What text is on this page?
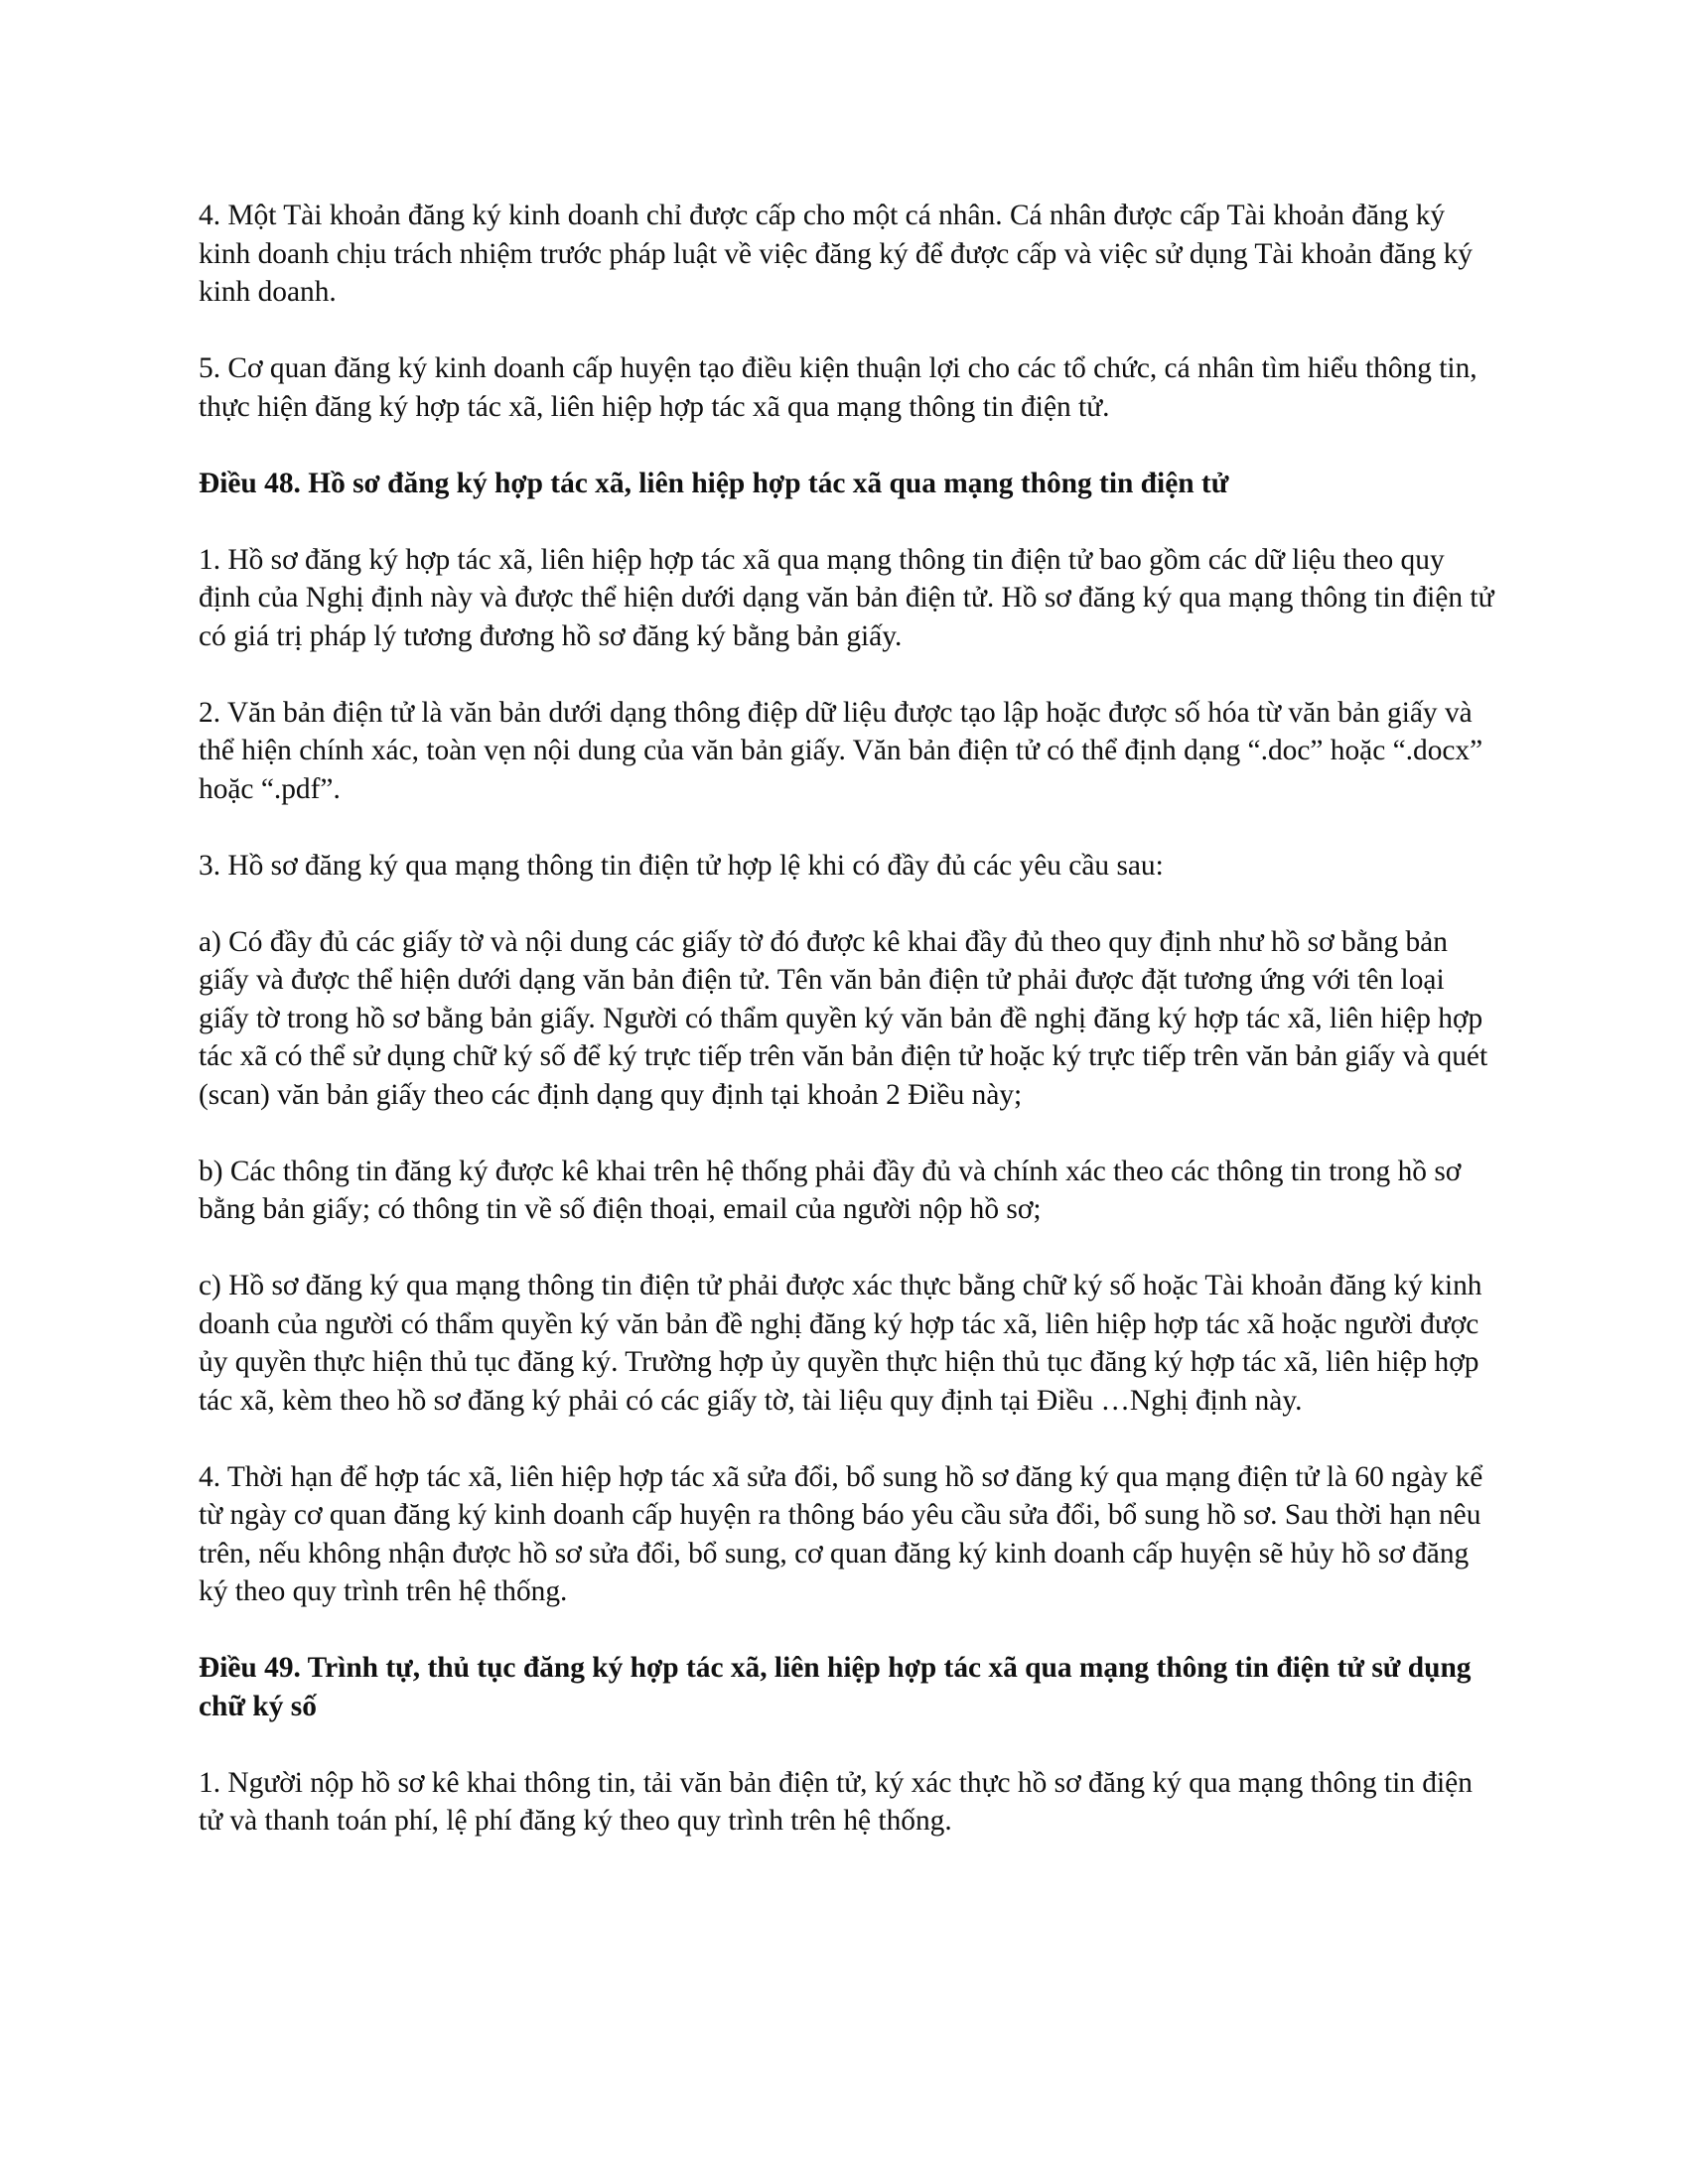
4. Một Tài khoản đăng ký kinh doanh chỉ được cấp cho một cá nhân. Cá nhân được cấp Tài khoản đăng ký kinh doanh chịu trách nhiệm trước pháp luật về việc đăng ký để được cấp và việc sử dụng Tài khoản đăng ký kinh doanh.

5. Cơ quan đăng ký kinh doanh cấp huyện tạo điều kiện thuận lợi cho các tổ chức, cá nhân tìm hiểu thông tin, thực hiện đăng ký hợp tác xã, liên hiệp hợp tác xã qua mạng thông tin điện tử.

Điều 48. Hồ sơ đăng ký hợp tác xã, liên hiệp hợp tác xã qua mạng thông tin điện tử

1. Hồ sơ đăng ký hợp tác xã, liên hiệp hợp tác xã qua mạng thông tin điện tử bao gồm các dữ liệu theo quy định của Nghị định này và được thể hiện dưới dạng văn bản điện tử. Hồ sơ đăng ký qua mạng thông tin điện tử có giá trị pháp lý tương đương hồ sơ đăng ký bằng bản giấy.

2. Văn bản điện tử là văn bản dưới dạng thông điệp dữ liệu được tạo lập hoặc được số hóa từ văn bản giấy và thể hiện chính xác, toàn vẹn nội dung của văn bản giấy. Văn bản điện tử có thể định dạng “.doc” hoặc “.docx” hoặc “.pdf”.

3. Hồ sơ đăng ký qua mạng thông tin điện tử hợp lệ khi có đầy đủ các yêu cầu sau:

a) Có đầy đủ các giấy tờ và nội dung các giấy tờ đó được kê khai đầy đủ theo quy định như hồ sơ bằng bản giấy và được thể hiện dưới dạng văn bản điện tử. Tên văn bản điện tử phải được đặt tương ứng với tên loại giấy tờ trong hồ sơ bằng bản giấy. Người có thẩm quyền ký văn bản đề nghị đăng ký hợp tác xã, liên hiệp hợp tác xã có thể sử dụng chữ ký số để ký trực tiếp trên văn bản điện tử hoặc ký trực tiếp trên văn bản giấy và quét (scan) văn bản giấy theo các định dạng quy định tại khoản 2 Điều này;

b) Các thông tin đăng ký được kê khai trên hệ thống phải đầy đủ và chính xác theo các thông tin trong hồ sơ bằng bản giấy; có thông tin về số điện thoại, email của người nộp hồ sơ;

c) Hồ sơ đăng ký qua mạng thông tin điện tử phải được xác thực bằng chữ ký số hoặc Tài khoản đăng ký kinh doanh của người có thẩm quyền ký văn bản đề nghị đăng ký hợp tác xã, liên hiệp hợp tác xã hoặc người được ủy quyền thực hiện thủ tục đăng ký. Trường hợp ủy quyền thực hiện thủ tục đăng ký hợp tác xã, liên hiệp hợp tác xã, kèm theo hồ sơ đăng ký phải có các giấy tờ, tài liệu quy định tại Điều …Nghị định này.

4. Thời hạn để hợp tác xã, liên hiệp hợp tác xã sửa đổi, bổ sung hồ sơ đăng ký qua mạng điện tử là 60 ngày kể từ ngày cơ quan đăng ký kinh doanh cấp huyện ra thông báo yêu cầu sửa đổi, bổ sung hồ sơ. Sau thời hạn nêu trên, nếu không nhận được hồ sơ sửa đổi, bổ sung, cơ quan đăng ký kinh doanh cấp huyện sẽ hủy hồ sơ đăng ký theo quy trình trên hệ thống.

Điều 49. Trình tự, thủ tục đăng ký hợp tác xã, liên hiệp hợp tác xã qua mạng thông tin điện tử sử dụng chữ ký số

1. Người nộp hồ sơ kê khai thông tin, tải văn bản điện tử, ký xác thực hồ sơ đăng ký qua mạng thông tin điện tử và thanh toán phí, lệ phí đăng ký theo quy trình trên hệ thống.
